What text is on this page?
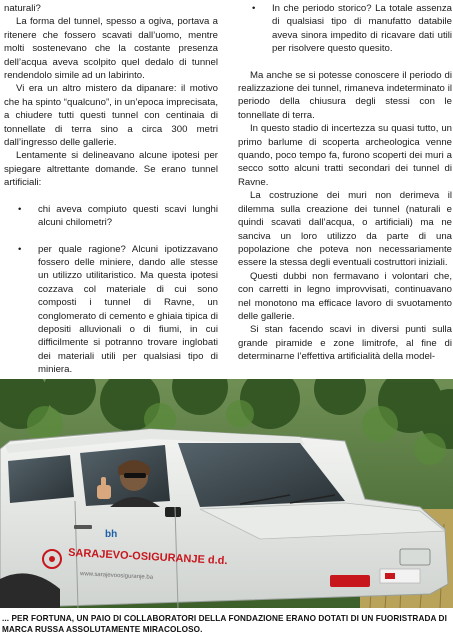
naturali?

La forma del tunnel, spesso a ogiva, portava a ritenere che fossero scavati dall’uomo, mentre molti sostenevano che la costante presenza dell’acqua aveva scolpito quel dedalo di tunnel rendendolo simile ad un labirinto.

Vi era un altro mistero da dipanare: il motivo che ha spinto “qualcuno”, in un’epoca imprecisata, a chiudere tutti questi tunnel con centinaia di tonnellate di terra sino a circa 300 metri dall’ingresso delle gallerie.

Lentamente si delineavano alcune ipotesi per spiegare altrettante domande. Se erano tunnel artificiali:

• chi aveva compiuto questi scavi lunghi alcuni chilometri?
• per quale ragione? Alcuni ipotizzavano fossero delle miniere, dando alle stesse un utilizzo utilitaristico. Ma questa ipotesi cozzava col materiale di cui sono composti i tunnel di Ravne, un conglomerato di cemento e ghiaia tipica di depositi alluvionali o di fiumi, in cui difficilmente si potranno trovare inglobati dei materiali utili per qualsiasi tipo di miniera.
• In che periodo storico? La totale assenza di qualsiasi tipo di manufatto databile aveva sinora impedito di ricavare dati utili per risolvere questo quesito.

Ma anche se si potesse conoscere il periodo di realizzazione dei tunnel, rimaneva indeterminato il periodo della chiusura degli stessi con le tonnellate di terra.

In questo stadio di incertezza su quasi tutto, un primo barlume di scoperta archeologica venne quando, poco tempo fa, furono scoperti dei muri a secco sotto alcuni tratti secondari dei tunnel di Ravne.

La costruzione dei muri non derimeva il dilemma sulla creazione dei tunnel (naturali e quindi scavati dall’acqua, o artificiali) ma ne sanciva un loro utilizzo da parte di una popolazione che poteva non necessariamente essere la stessa degli eventuali costruttori iniziali.

Questi dubbi non fermavano i volontari che, con carretti in legno improvvisati, continuavano nel monotono ma efficace lavoro di svuotamento delle gallerie.

Si stan facendo scavi in diversi punti sulla grande piramide e zone limitrofe, al fine di determinarne l’effettiva artificialità della model-

SARAJEVO-OSIGURANJE d.d.
www.sarajevoosiguranje.ba
bh
... PER FORTUNA, UN PAIO DI COLLABORATORI DELLA FONDAZIONE ERANO DOTATI DI UN FUORISTRADA DI MARCA RUSSA ASSOLUTAMENTE MIRACOLOSO.
